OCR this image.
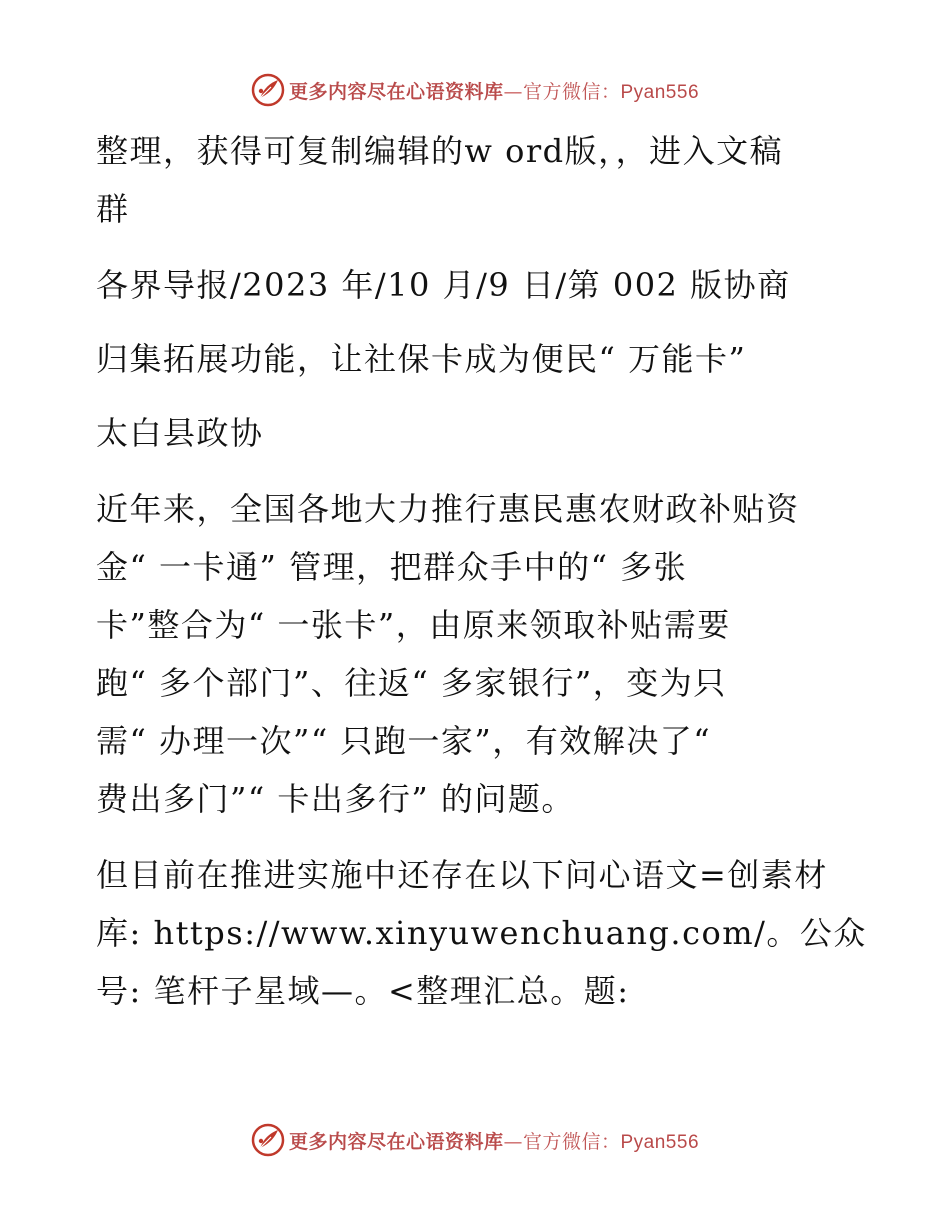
更多内容尽在心语资料库—官方微信：Pyan556
整理，获得可复制编辑的w ord版，，进入文稿
群
各界导报/2023 年/10 月/9 日/第 002 版协商
归集拓展功能，让社保卡成为便民“ 万能卡”
太白县政协
近年来，全国各地大力推行惠民惠农财政补贴资
金“ 一卡通” 管理，把群众手中的“ 多张
卡”整合为“ 一张卡”，由原来领取补贴需要
跑“ 多个部门”、往返“ 多家银行”，变为只
需“ 办理一次”“ 只跑一家”，有效解决了“
费出多门”“ 卡出多行” 的问题。
但目前在推进实施中还存在以下问心语文=创素材
库: https://www.xinyuwenchuang.com/。公众
号: 笔杆子星域—。<整理汇总。题:
更多内容尽在心语资料库—官方微信：Pyan556
